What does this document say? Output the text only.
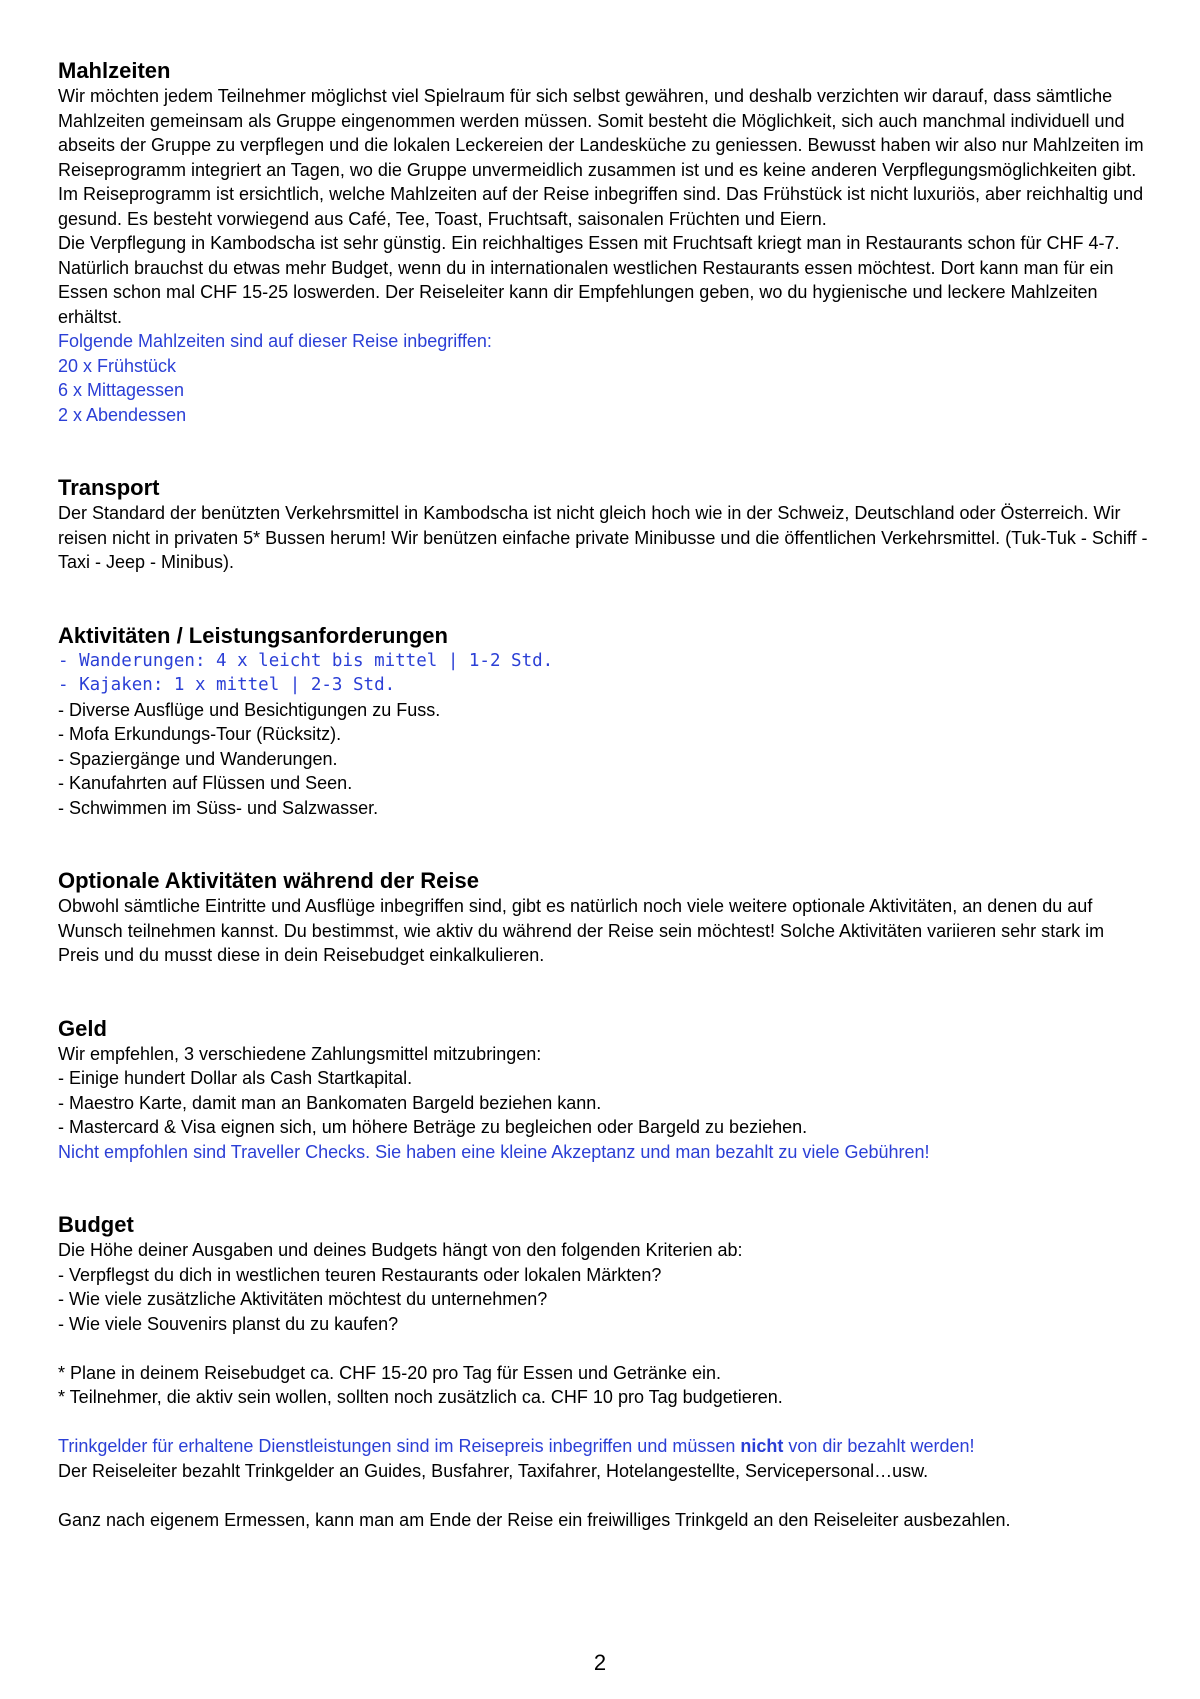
Mahlzeiten

Wir möchten jedem Teilnehmer möglichst viel Spielraum für sich selbst gewähren, und deshalb verzichten wir darauf, dass sämtliche Mahlzeiten gemeinsam als Gruppe eingenommen werden müssen. Somit besteht die Möglichkeit, sich auch manchmal individuell und abseits der Gruppe zu verpflegen und die lokalen Leckereien der Landesküche zu geniessen. Bewusst haben wir also nur Mahlzeiten im Reiseprogramm integriert an Tagen, wo die Gruppe unvermeidlich zusammen ist und es keine anderen Verpflegungsmöglichkeiten gibt. Im Reiseprogramm ist ersichtlich, welche Mahlzeiten auf der Reise inbegriffen sind. Das Frühstück ist nicht luxuriös, aber reichhaltig und gesund. Es besteht vorwiegend aus Café, Tee, Toast, Fruchtsaft, saisonalen Früchten und Eiern.

Die Verpflegung in Kambodscha ist sehr günstig. Ein reichhaltiges Essen mit Fruchtsaft kriegt man in Restaurants schon für CHF 4-7. Natürlich brauchst du etwas mehr Budget, wenn du in internationalen westlichen Restaurants essen möchtest. Dort kann man für ein Essen schon mal CHF 15-25 loswerden. Der Reiseleiter kann dir Empfehlungen geben, wo du hygienische und leckere Mahlzeiten erhältst.

Folgende Mahlzeiten sind auf dieser Reise inbegriffen:

20 x Frühstück
6 x Mittagessen
2 x Abendessen
Transport

Der Standard der benützten Verkehrsmittel in Kambodscha ist nicht gleich hoch wie in der Schweiz, Deutschland oder Österreich. Wir reisen nicht in privaten 5* Bussen herum! Wir benützen einfache private Minibusse und die öffentlichen Verkehrsmittel. (Tuk-Tuk - Schiff - Taxi - Jeep - Minibus).

Aktivitäten / Leistungsanforderungen
- Wanderungen: 4 x leicht bis mittel | 1-2 Std.
- Kajaken: 1 x mittel | 2-3 Std.
- Diverse Ausflüge und Besichtigungen zu Fuss.
- Mofa Erkundungs-Tour (Rücksitz).
- Spaziergänge und Wanderungen.
- Kanufahrten auf Flüssen und Seen.
- Schwimmen im Süss- und Salzwasser.
Optionale Aktivitäten während der Reise

Obwohl sämtliche Eintritte und Ausflüge inbegriffen sind, gibt es natürlich noch viele weitere optionale Aktivitäten, an denen du auf Wunsch teilnehmen kannst. Du bestimmst, wie aktiv du während der Reise sein möchtest! Solche Aktivitäten variieren sehr stark im Preis und du musst diese in dein Reisebudget einkalkulieren.

Geld
Wir empfehlen, 3 verschiedene Zahlungsmittel mitzubringen:
- Einige hundert Dollar als Cash Startkapital.
- Maestro Karte, damit man an Bankomaten Bargeld beziehen kann.
- Mastercard & Visa eignen sich, um höhere Beträge zu begleichen oder Bargeld zu beziehen.
Nicht empfohlen sind Traveller Checks. Sie haben eine kleine Akzeptanz und man bezahlt zu viele Gebühren!
Budget
Die Höhe deiner Ausgaben und deines Budgets hängt von den folgenden Kriterien ab:
- Verpflegst du dich in westlichen teuren Restaurants oder lokalen Märkten?
- Wie viele zusätzliche Aktivitäten möchtest du unternehmen?
- Wie viele Souvenirs planst du zu kaufen?
* Plane in deinem Reisebudget ca. CHF 15-20 pro Tag für Essen und Getränke ein.
* Teilnehmer, die aktiv sein wollen, sollten noch zusätzlich ca. CHF 10 pro Tag budgetieren.
Trinkgelder für erhaltene Dienstleistungen sind im Reisepreis inbegriffen und müssen nicht von dir bezahlt werden!
Der Reiseleiter bezahlt Trinkgelder an Guides, Busfahrer, Taxifahrer, Hotelangestellte, Servicepersonal…usw.
Ganz nach eigenem Ermessen, kann man am Ende der Reise ein freiwilliges Trinkgeld an den Reiseleiter ausbezahlen.
2
